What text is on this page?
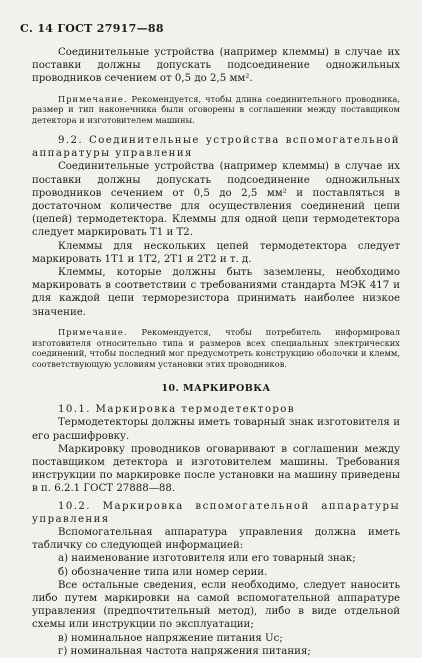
С. 14 ГОСТ 27917—88

Соединительные устройства (например клеммы) в случае их поставки должны допускать подсоединение одножильных проводников сечением от 0,5 до 2,5 мм².

Примечание. Рекомендуется, чтобы длина соединительного проводника, размер и тип наконечника были оговорены в соглашении между поставщиком детектора и изготовителем машины.

9.2. Соединительные устройства вспомогательной аппаратуры управления

Соединительные устройства (например клеммы) в случае их поставки должны допускать подсоединение одножильных проводников сечением от 0,5 до 2,5 мм² и поставляться в достаточном количестве для осуществления соединений цепи (цепей) термодетектора. Клеммы для одной цепи термодетектора следует маркировать Т1 и Т2.

Клеммы для нескольких цепей термодетектора следует маркировать 1Т1 и 1Т2, 2Т1 и 2Т2 и т. д.

Клеммы, которые должны быть заземлены, необходимо маркировать в соответствии с требованиями стандарта МЭК 417 и для каждой цепи терморезистора принимать наиболее низкое значение.

Примечание. Рекомендуется, чтобы потребитель информировал изготовителя относительно типа и размеров всех специальных электрических соединений, чтобы последний мог предусмотреть конструкцию оболочки и клемм, соответствующую условиям установки этих проводников.

10. МАРКИРОВКА

10.1. Маркировка термодетекторов

Термодетекторы должны иметь товарный знак изготовителя и его расшифровку.

Маркировку проводников оговаривают в соглашении между поставщиком детектора и изготовителем машины. Требования инструкции по маркировке после установки на машину приведены в п. 6.2.1 ГОСТ 27888—88.

10.2. Маркировка вспомогательной аппаратуры управления

Вспомогательная аппаратура управления должна иметь табличку со следующей информацией:

а) наименование изготовителя или его товарный знак;

б) обозначение типа или номер серии.

Все остальные сведения, если необходимо, следует наносить либо путем маркировки на самой вспомогательной аппаратуре управления (предпочтительный метод), либо в виде отдельной схемы или инструкции по эксплуатации;

в) номинальное напряжение питания Uс;

г) номинальная частота напряжения питания;
